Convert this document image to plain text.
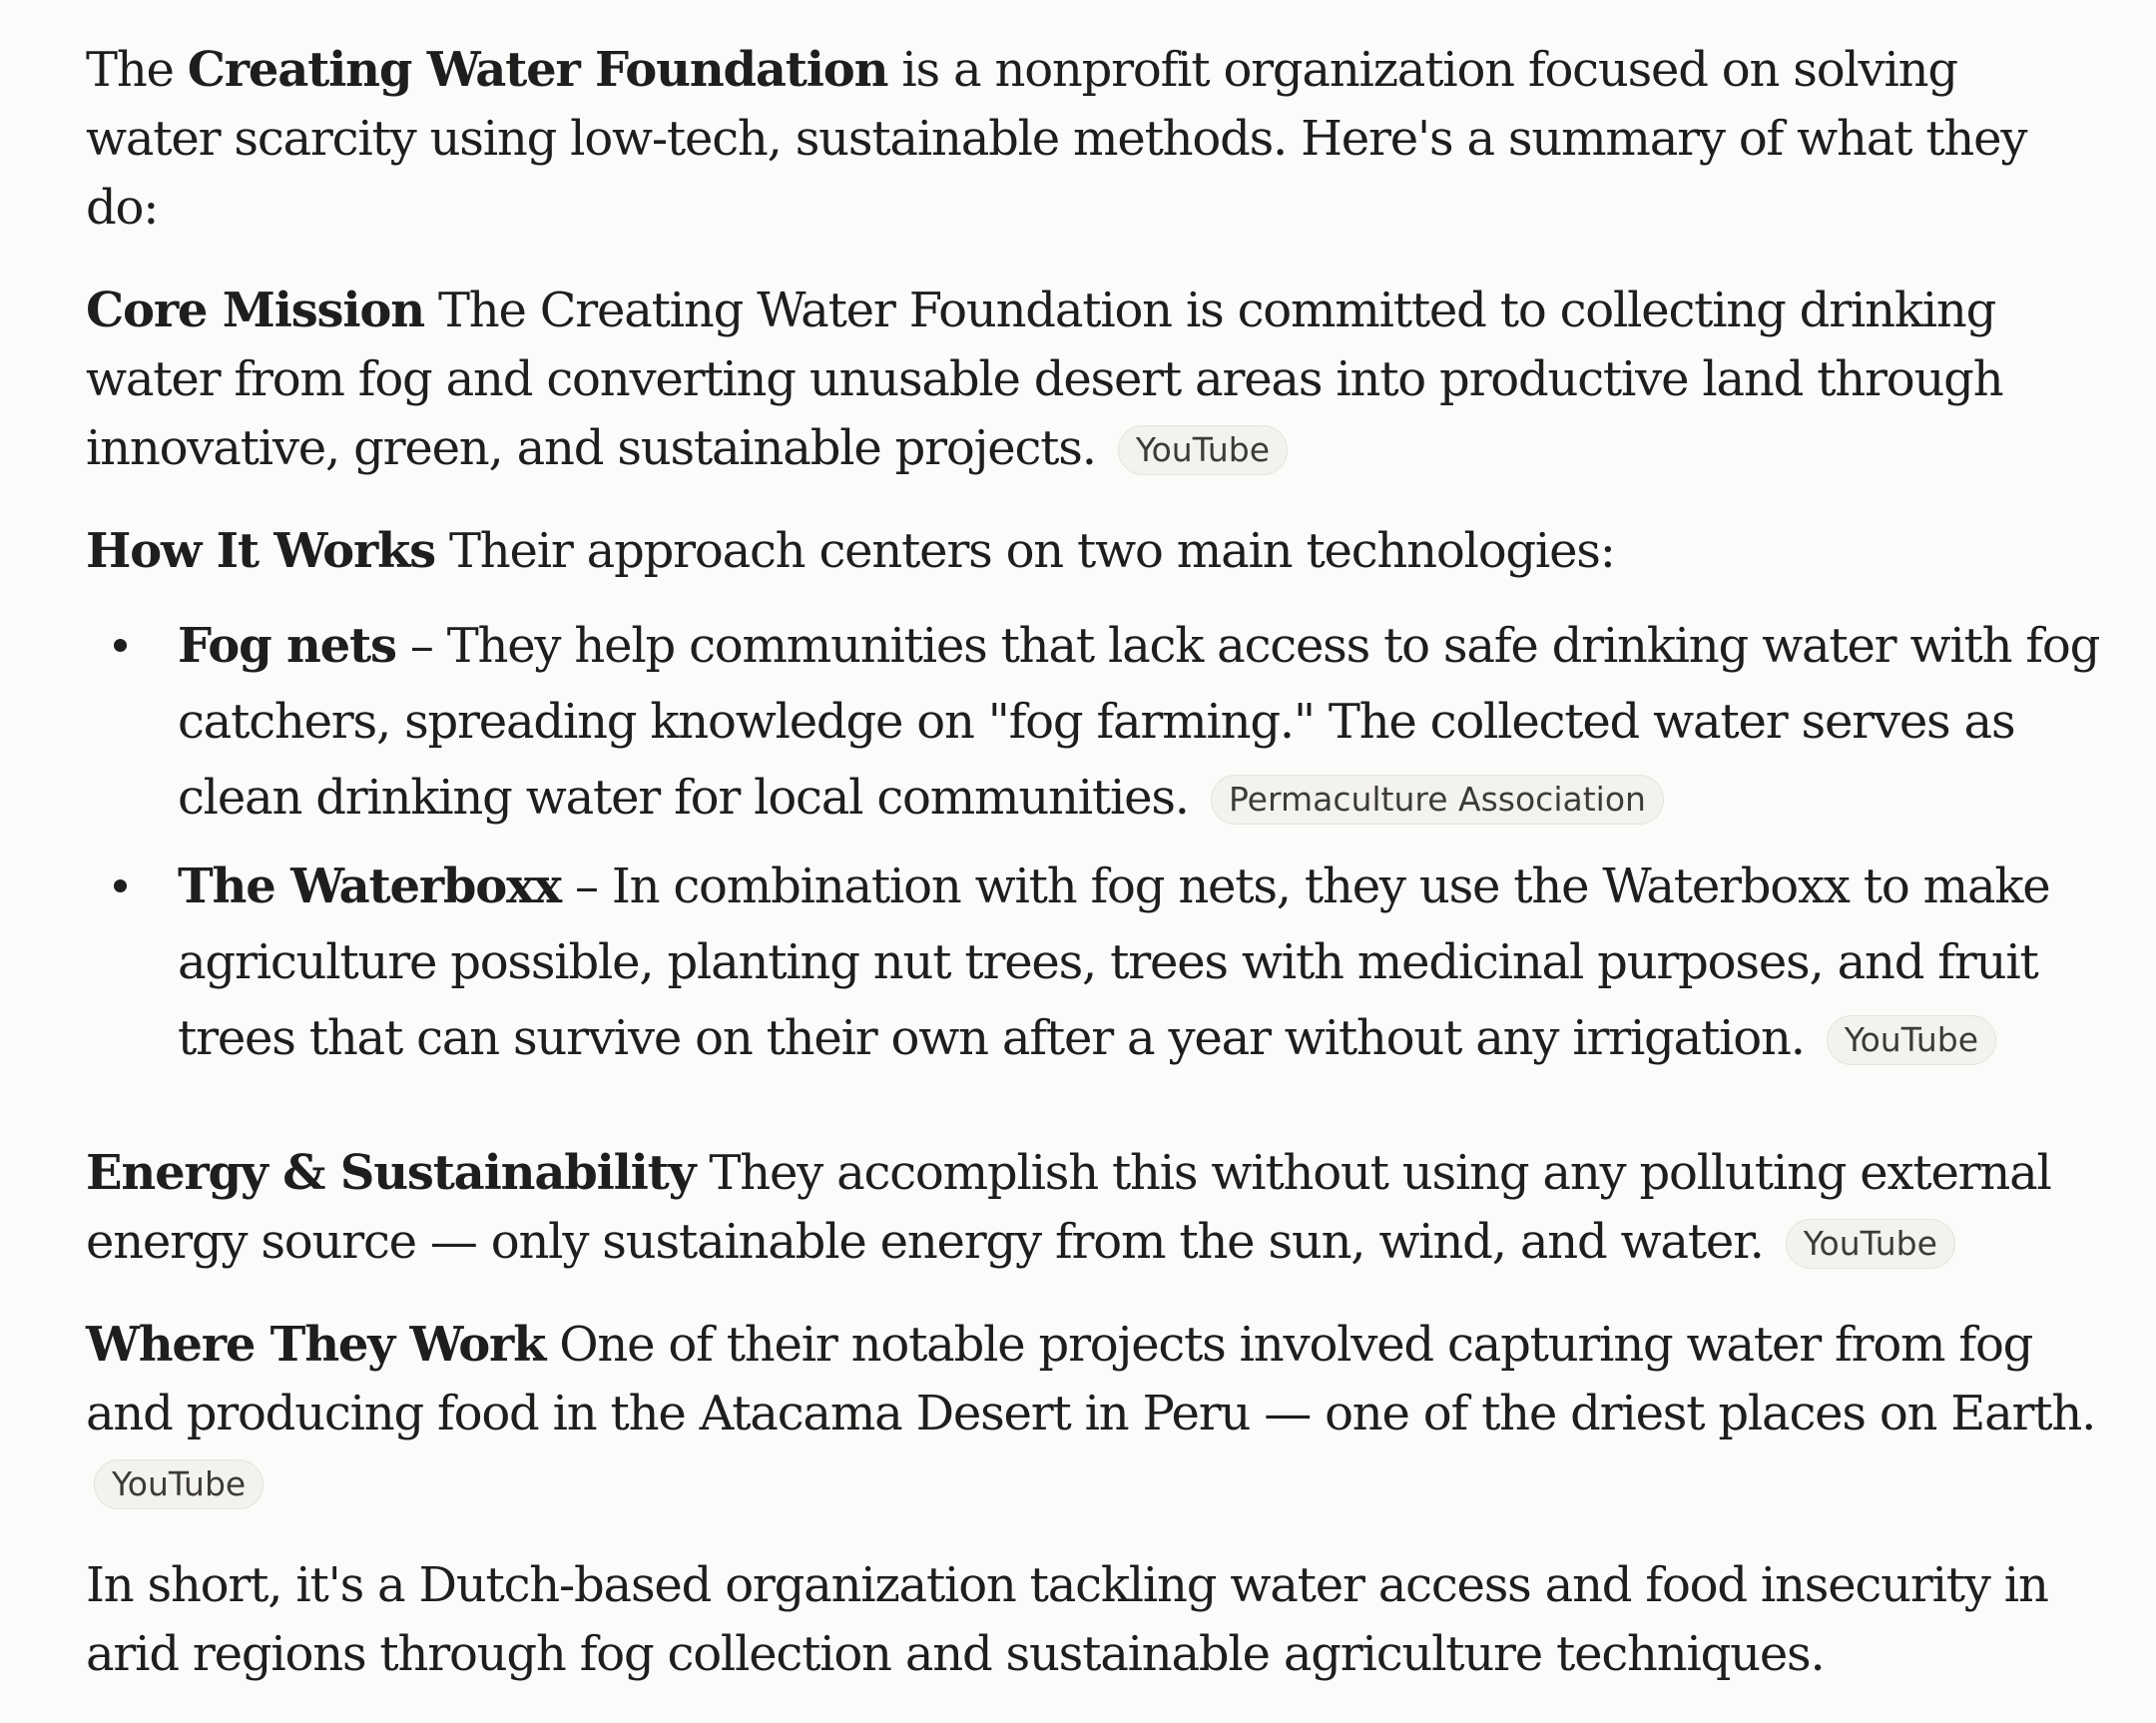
The Creating Water Foundation is a nonprofit organization focused on solving water scarcity using low-tech, sustainable methods. Here's a summary of what they do:

Core Mission The Creating Water Foundation is committed to collecting drinking water from fog and converting unusable desert areas into productive land through innovative, green, and sustainable projects. YouTube

How It Works Their approach centers on two main technologies:

Fog nets – They help communities that lack access to safe drinking water with fog catchers, spreading knowledge on "fog farming." The collected water serves as clean drinking water for local communities. Permaculture Association
The Waterboxx – In combination with fog nets, they use the Waterboxx to make agriculture possible, planting nut trees, trees with medicinal purposes, and fruit trees that can survive on their own after a year without any irrigation. YouTube

Energy & Sustainability They accomplish this without using any polluting external energy source — only sustainable energy from the sun, wind, and water. YouTube

Where They Work One of their notable projects involved capturing water from fog and producing food in the Atacama Desert in Peru — one of the driest places on Earth. YouTube

In short, it's a Dutch-based organization tackling water access and food insecurity in arid regions through fog collection and sustainable agriculture techniques.
